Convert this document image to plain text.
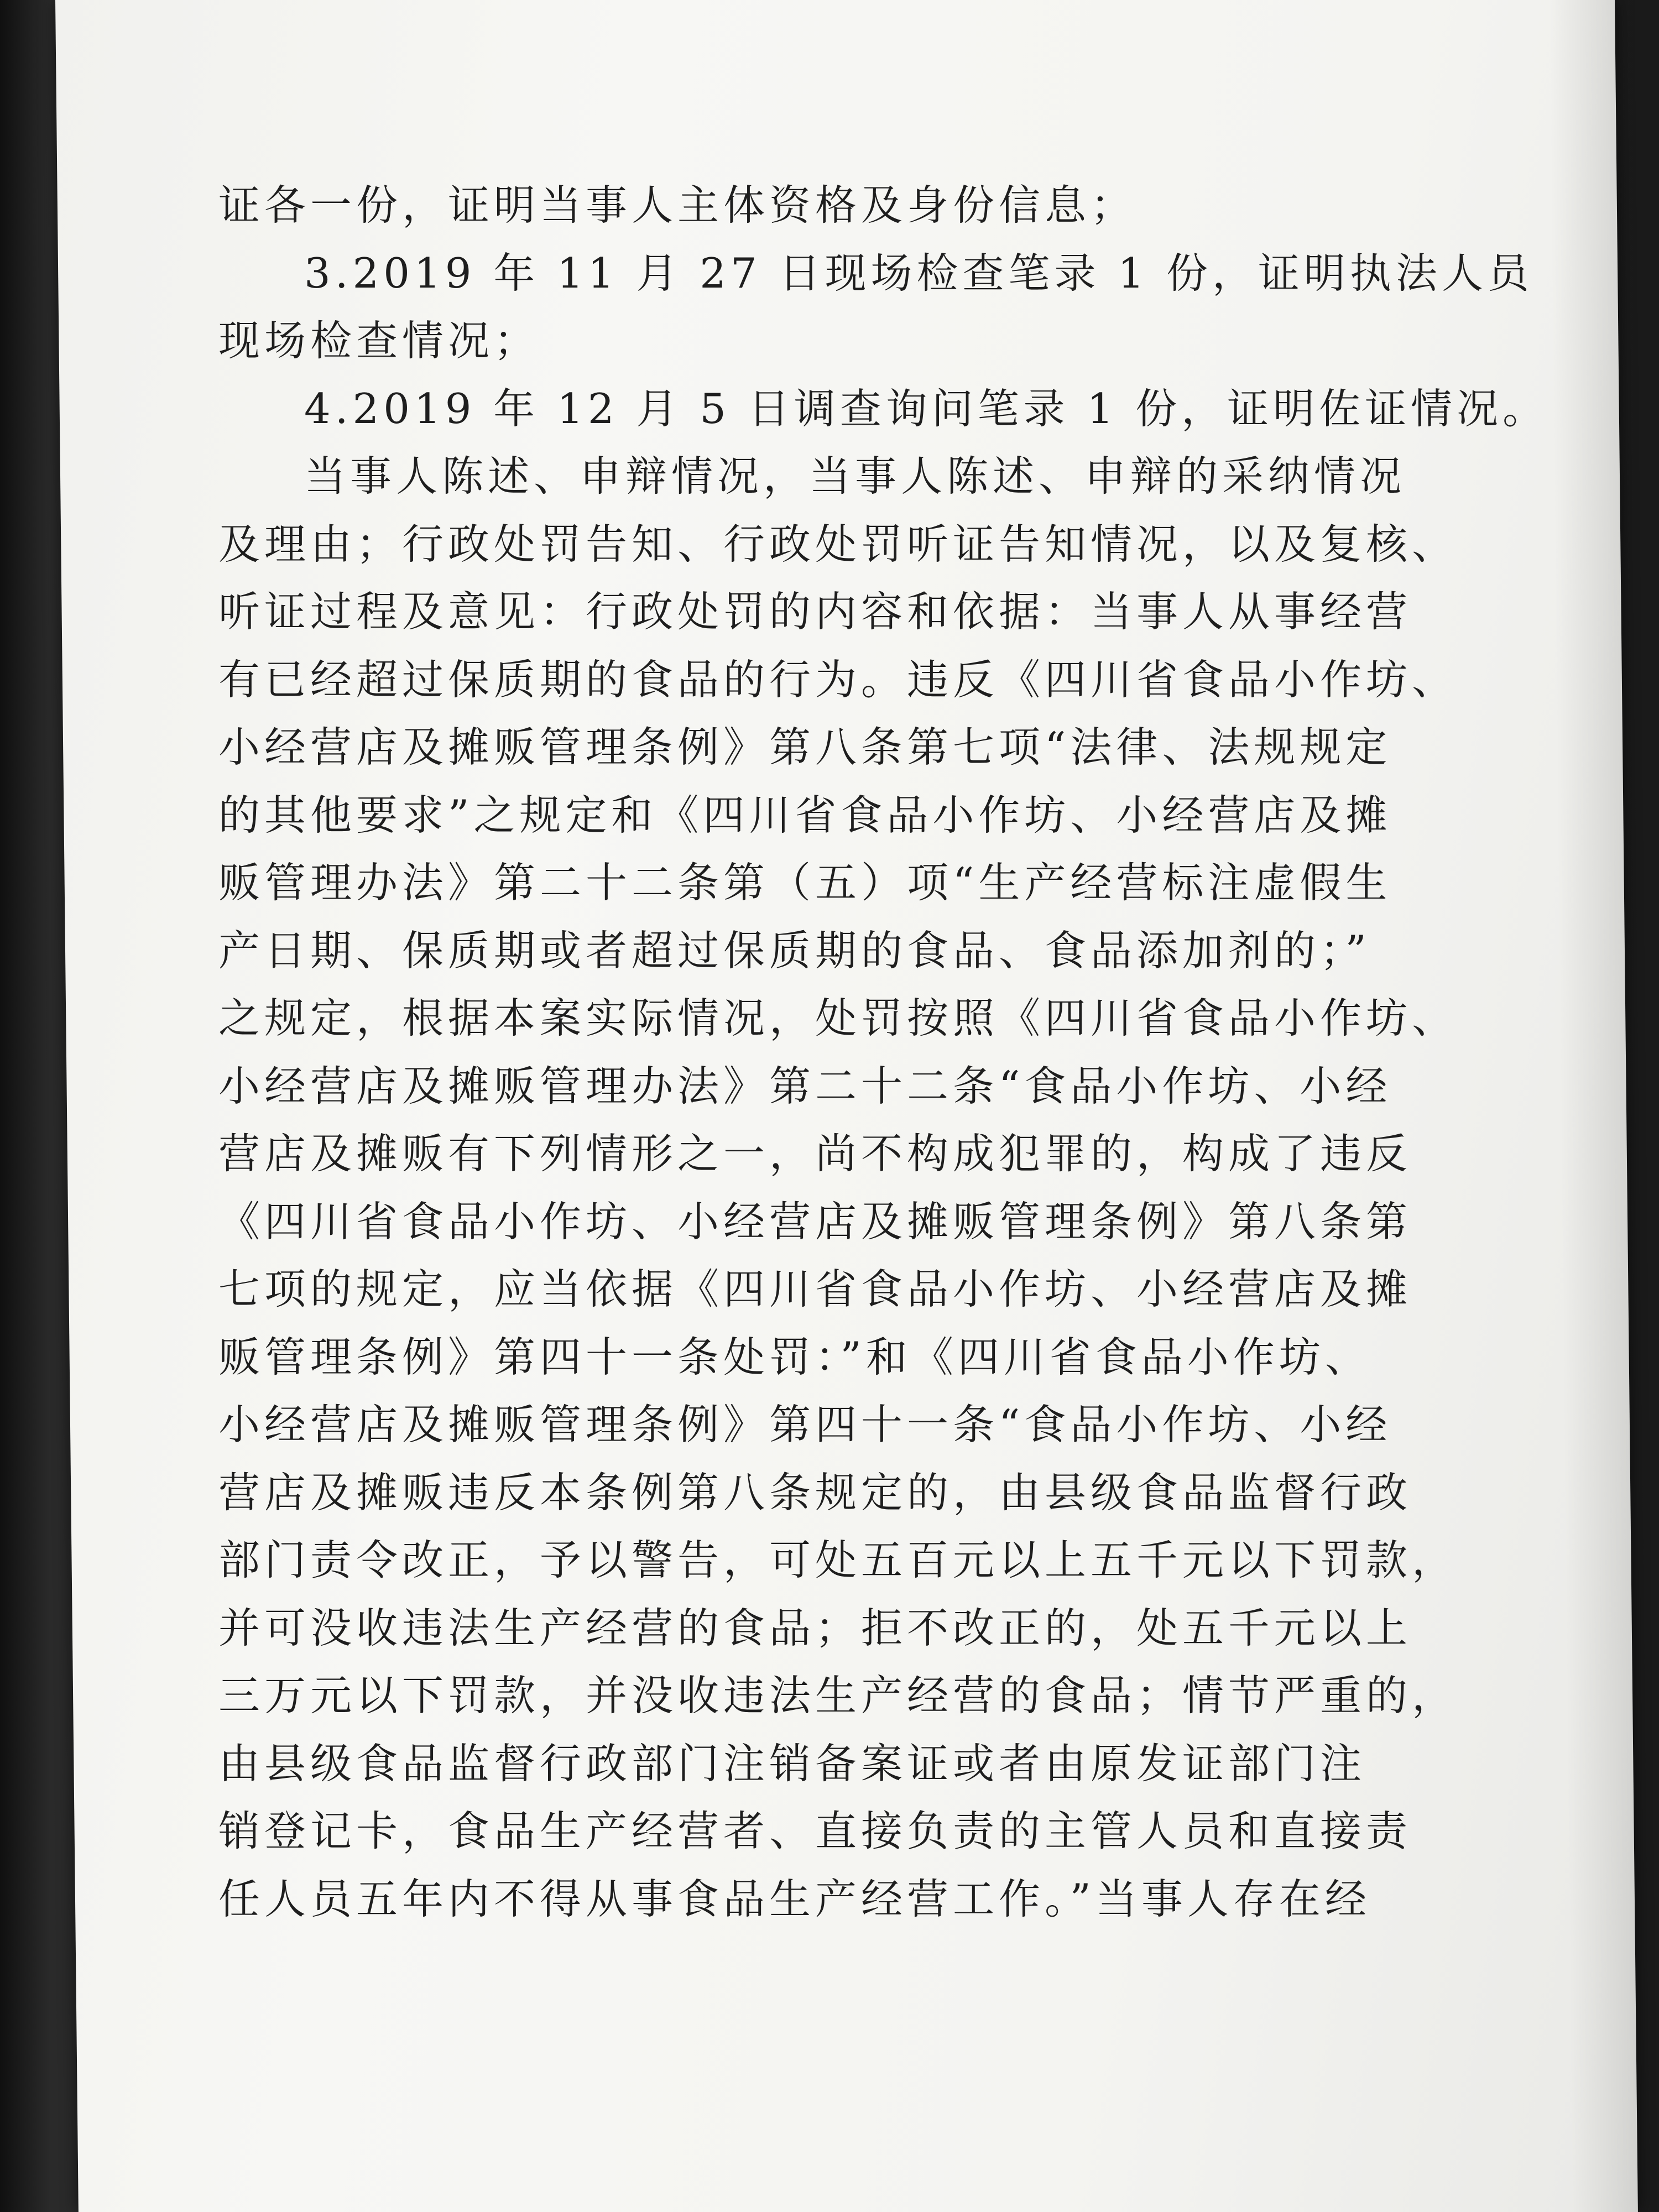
证各一份，证明当事人主体资格及身份信息；
3.2019 年 11 月 27 日现场检查笔录 1 份，证明执法人员
现场检查情况；
4.2019 年 12 月 5 日调查询问笔录 1 份，证明佐证情况。
当事人陈述、申辩情况，当事人陈述、申辩的采纳情况
及理由；行政处罚告知、行政处罚听证告知情况，以及复核、
听证过程及意见：行政处罚的内容和依据：当事人从事经营
有已经超过保质期的食品的行为。违反《四川省食品小作坊、
小经营店及摊贩管理条例》第八条第七项“法律、法规规定
的其他要求”之规定和《四川省食品小作坊、小经营店及摊
贩管理办法》第二十二条第（五）项“生产经营标注虚假生
产日期、保质期或者超过保质期的食品、食品添加剂的；”
之规定，根据本案实际情况，处罚按照《四川省食品小作坊、
小经营店及摊贩管理办法》第二十二条“食品小作坊、小经
营店及摊贩有下列情形之一，尚不构成犯罪的，构成了违反
《四川省食品小作坊、小经营店及摊贩管理条例》第八条第
七项的规定，应当依据《四川省食品小作坊、小经营店及摊
贩管理条例》第四十一条处罚：”和《四川省食品小作坊、
小经营店及摊贩管理条例》第四十一条“食品小作坊、小经
营店及摊贩违反本条例第八条规定的，由县级食品监督行政
部门责令改正，予以警告，可处五百元以上五千元以下罚款，
并可没收违法生产经营的食品；拒不改正的，处五千元以上
三万元以下罚款，并没收违法生产经营的食品；情节严重的，
由县级食品监督行政部门注销备案证或者由原发证部门注
销登记卡，食品生产经营者、直接负责的主管人员和直接责
任人员五年内不得从事食品生产经营工作。”当事人存在经
